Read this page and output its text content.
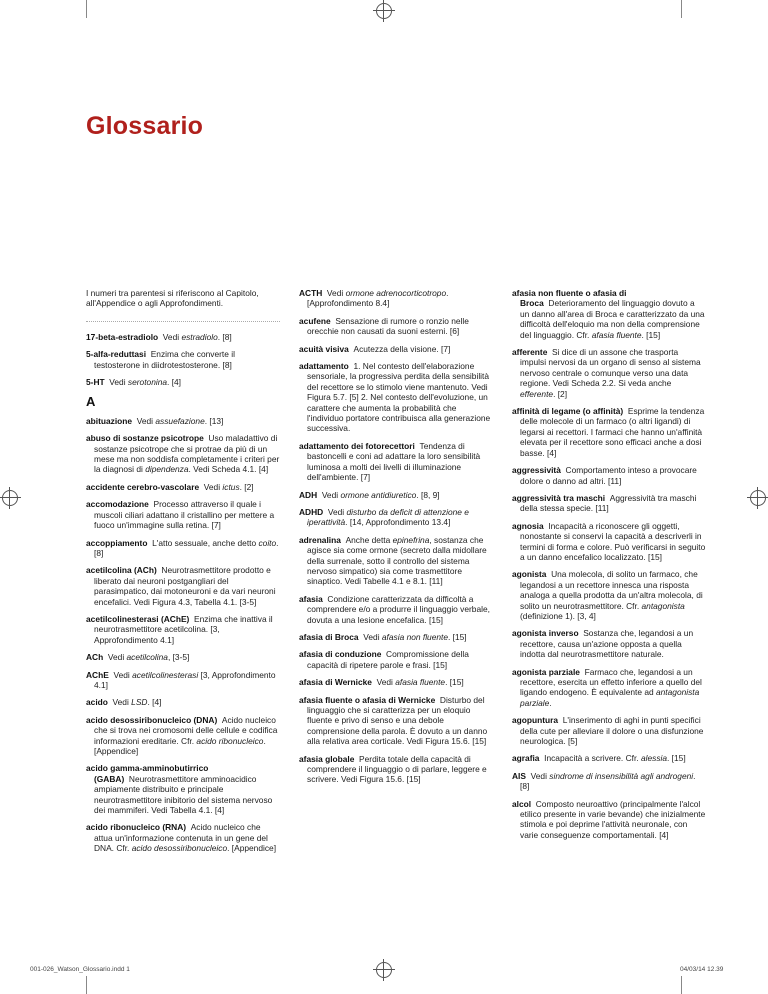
Glossario

I numeri tra parentesi si riferiscono al Capitolo, all'Appendice o agli Approfondimenti.

17-beta-estradiolo Vedi estradiolo. [8]

5-alfa-reduttasi Enzima che converte il testosterone in diidrotestosterone. [8]

5-HT Vedi serotonina. [4]

A

abituazione Vedi assuefazione. [13]

abuso di sostanze psicotrope Uso maladattivo di sostanze psicotrope che si protrae da più di un mese ma non soddisfa completamente i criteri per la diagnosi di dipendenza. Vedi Scheda 4.1. [4]

accidente cerebro-vascolare Vedi ictus. [2]

accomodazione Processo attraverso il quale i muscoli ciliari adattano il cristallino per mettere a fuoco un'immagine sulla retina. [7]

accoppiamento L'atto sessuale, anche detto coito. [8]

acetilcolina (ACh) Neurotrasmettitore prodotto e liberato dai neuroni postgangliari del parasimpatico, dai motoneuroni e da vari neuroni encefalici. Vedi Figura 4.3, Tabella 4.1. [3-5]

acetilcolinesterasi (AChE) Enzima che inattiva il neurotrasmettitore acetilcolina. [3, Approfondimento 4.1]

ACh Vedi acetilcolina, [3-5]

AChE Vedi acetilcolinesterasi [3, Approfondimento 4.1]

acido Vedi LSD. [4]

acido desossiribonucleico (DNA) Acido nucleico che si trova nei cromosomi delle cellule e codifica informazioni ereditarie. Cfr. acido ribonucleico. [Appendice]

acido gamma-amminobutirrico (GABA) Neurotrasmettitore amminoacidico ampiamente distribuito e principale neurotrasmettitore inibitorio del sistema nervoso dei mammiferi. Vedi Tabella 4.1. [4]

acido ribonucleico (RNA) Acido nucleico che attua un'informazione contenuta in un gene del DNA. Cfr. acido desossiribonucleico. [Appendice]

ACTH Vedi ormone adrenocorticotropo. [Approfondimento 8.4]

acufene Sensazione di rumore o ronzio nelle orecchie non causati da suoni esterni. [6]

acuità visiva Acutezza della visione. [7]

adattamento 1. Nel contesto dell'elaborazione sensoriale, la progressiva perdita della sensibilità del recettore se lo stimolo viene mantenuto. Vedi Figura 5.7. [5] 2. Nel contesto dell'evoluzione, un carattere che aumenta la probabilità che l'individuo portatore contribuisca alla generazione successiva.

adattamento dei fotorecettori Tendenza di bastoncelli e coni ad adattare la loro sensibilità luminosa a molti dei livelli di illuminazione dell'ambiente. [7]

ADH Vedi ormone antidiuretico. [8, 9]

ADHD Vedi disturbo da deficit di attenzione e iperattività. [14, Approfondimento 13.4]

adrenalina Anche detta epinefrina, sostanza che agisce sia come ormone (secreto dalla midollare della surrenale, sotto il controllo del sistema nervoso simpatico) sia come trasmettitore sinaptico. Vedi Tabelle 4.1 e 8.1. [11]

afasia Condizione caratterizzata da difficoltà a comprendere e/o a produrre il linguaggio verbale, dovuta a una lesione encefalica. [15]

afasia di Broca Vedi afasia non fluente. [15]

afasia di conduzione Compromissione della capacità di ripetere parole e frasi. [15]

afasia di Wernicke Vedi afasia fluente. [15]

afasia fluente o afasia di Wernicke Disturbo del linguaggio che si caratterizza per un eloquio fluente e privo di senso e una debole comprensione della parola. È dovuto a un danno alla relativa area corticale. Vedi Figura 15.6. [15]

afasia globale Perdita totale della capacità di comprendere il linguaggio o di parlare, leggere e scrivere. Vedi Figura 15.6. [15]

afasia non fluente o afasia di Broca Deterioramento del linguaggio dovuto a un danno all'area di Broca e caratterizzato da una difficoltà dell'eloquio ma non della comprensione del linguaggio. Cfr. afasia fluente. [15]

afferente Si dice di un assone che trasporta impulsi nervosi da un organo di senso al sistema nervoso centrale o comunque verso una data regione. Vedi Scheda 2.2. Si veda anche efferente. [2]

affinità di legame (o affinità) Esprime la tendenza delle molecole di un farmaco (o altri ligandi) di legarsi ai recettori. I farmaci che hanno un'affinità elevata per il recettore sono efficaci anche a dosi basse. [4]

aggressività Comportamento inteso a provocare dolore o danno ad altri. [11]

aggressività tra maschi Aggressività tra maschi della stessa specie. [11]

agnosia Incapacità a riconoscere gli oggetti, nonostante si conservi la capacità a descriverli in termini di forma e colore. Può verificarsi in seguito a un danno encefalico localizzato. [15]

agonista Una molecola, di solito un farmaco, che legandosi a un recettore innesca una risposta analoga a quella prodotta da un'altra molecola, di solito un neurotrasmettitore. Cfr. antagonista (definizione 1). [3, 4]

agonista inverso Sostanza che, legandosi a un recettore, causa un'azione opposta a quella indotta dal neurotrasmettitore naturale.

agonista parziale Farmaco che, legandosi a un recettore, esercita un effetto inferiore a quello del ligando endogeno. È equivalente ad antagonista parziale.

agopuntura L'inserimento di aghi in punti specifici della cute per alleviare il dolore o una disfunzione neurologica. [5]

agrafia Incapacità a scrivere. Cfr. alessia. [15]

AIS Vedi sindrome di insensibilità agli androgeni. [8]

alcol Composto neuroattivo (principalmente l'alcol etilico presente in varie bevande) che inizialmente stimola e poi deprime l'attività neuronale, con varie conseguenze comportamentali. [4]

001-026_Watson_Glossario.indd 1	04/03/14 12.39
